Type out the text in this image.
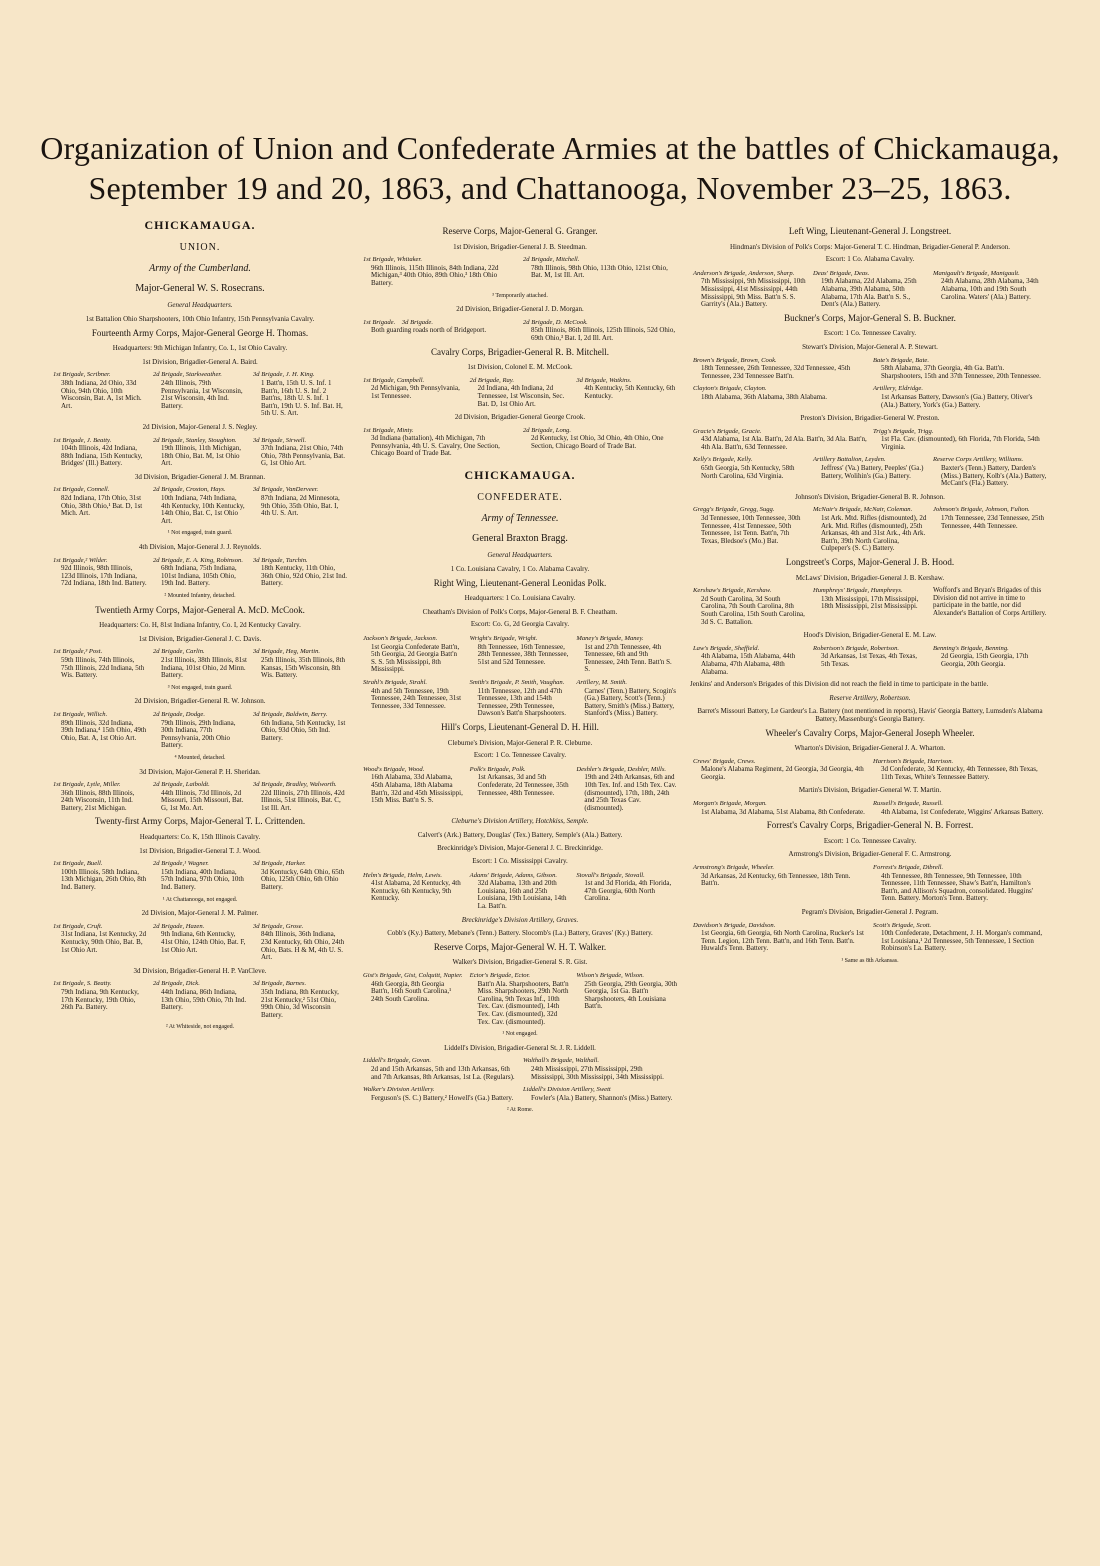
Organization of Union and Confederate Armies at the battles of Chickamauga,
September 19 and 20, 1863, and Chattanooga, November 23–25, 1863.
CHICKAMAUGA.
UNION.
Army of the Cumberland.
Major-General W. S. Rosecrans.
General Headquarters.
1st Battalion Ohio Sharpshooters, 10th Ohio Infantry, 15th Pennsylvania Cavalry.
Fourteenth Army Corps, Major-General George H. Thomas.
Headquarters: 9th Michigan Infantry, Co. L, 1st Ohio Cavalry.
1st Division, Brigadier-General A. Baird.
1st Brigade, Scribner.
38th Indiana, 2d Ohio, 33d Ohio, 94th Ohio, 10th Wisconsin, Bat. A, 1st Mich. Art.
2d Brigade, Starkweather.
24th Illinois, 79th Pennsylvania, 1st Wisconsin, 21st Wisconsin, 4th Ind. Battery.
3d Brigade, J. H. King.
1 Batt'n, 15th U. S. Inf. 1 Batt'n, 16th U. S. Inf. 2 Batt'ns, 18th U. S. Inf. 1 Batt'n, 19th U. S. Inf. Bat. H, 5th U. S. Art.
2d Division, Major-General J. S. Negley.
1st Brigade, J. Beatty.
104th Illinois, 42d Indiana, 88th Indiana, 15th Kentucky, Bridges' (Ill.) Battery.
2d Brigade, Stanley, Stoughton.
19th Illinois, 11th Michigan, 18th Ohio, Bat. M, 1st Ohio Art.
3d Brigade, Sirwell.
37th Indiana, 21st Ohio, 74th Ohio, 78th Pennsylvania, Bat. G, 1st Ohio Art.
3d Division, Brigadier-General J. M. Brannan.
1st Brigade, Connell.
82d Indiana, 17th Ohio, 31st Ohio, 38th Ohio,¹ Bat. D, 1st Mich. Art.
2d Brigade, Croxton, Hays.
10th Indiana, 74th Indiana, 4th Kentucky, 10th Kentucky, 14th Ohio, Bat. C, 1st Ohio Art.
3d Brigade, VanDerveer.
87th Indiana, 2d Minnesota, 9th Ohio, 35th Ohio, Bat. I, 4th U. S. Art.
¹ Not engaged, train guard.
4th Division, Major-General J. J. Reynolds.
1st Brigade,² Wilder.
92d Illinois, 98th Illinois, 123d Illinois, 17th Indiana, 72d Indiana, 18th Ind. Battery.
2d Brigade, E. A. King, Robinson.
68th Indiana, 75th Indiana, 101st Indiana, 105th Ohio, 19th Ind. Battery.
3d Brigade, Turchin.
18th Kentucky, 11th Ohio, 36th Ohio, 92d Ohio, 21st Ind. Battery.
² Mounted Infantry, detached.
Twentieth Army Corps, Major-General A. McD. McCook.
Headquarters: Co. H, 81st Indiana Infantry, Co. I, 2d Kentucky Cavalry.
1st Division, Brigadier-General J. C. Davis.
1st Brigade,³ Post.
59th Illinois, 74th Illinois, 75th Illinois, 22d Indiana, 5th Wis. Battery.
2d Brigade, Carlin.
21st Illinois, 38th Illinois, 81st Indiana, 101st Ohio, 2d Minn. Battery.
3d Brigade, Heg, Martin.
25th Illinois, 35th Illinois, 8th Kansas, 15th Wisconsin, 8th Wis. Battery.
³ Not engaged, train guard.
2d Division, Brigadier-General R. W. Johnson.
1st Brigade, Willich.
89th Illinois, 32d Indiana, 39th Indiana,⁴ 15th Ohio, 49th Ohio, Bat. A, 1st Ohio Art.
2d Brigade, Dodge.
79th Illinois, 29th Indiana, 30th Indiana, 77th Pennsylvania, 20th Ohio Battery.
3d Brigade, Baldwin, Berry.
6th Indiana, 5th Kentucky, 1st Ohio, 93d Ohio, 5th Ind. Battery.
⁴ Mounted, detached.
3d Division, Major-General P. H. Sheridan.
1st Brigade, Lytle, Miller.
36th Illinois, 88th Illinois, 24th Wisconsin, 11th Ind. Battery, 21st Michigan.
2d Brigade, Laiboldt.
44th Illinois, 73d Illinois, 2d Missouri, 15th Missouri, Bat. G, 1st Mo. Art.
3d Brigade, Bradley, Walworth.
22d Illinois, 27th Illinois, 42d Illinois, 51st Illinois, Bat. C, 1st Ill. Art.
Twenty-first Army Corps, Major-General T. L. Crittenden.
Headquarters: Co. K, 15th Illinois Cavalry.
1st Division, Brigadier-General T. J. Wood.
1st Brigade, Buell.
100th Illinois, 58th Indiana, 13th Michigan, 26th Ohio, 8th Ind. Battery.
2d Brigade,¹ Wagner.
15th Indiana, 40th Indiana, 57th Indiana, 97th Ohio, 10th Ind. Battery.
3d Brigade, Harker.
3d Kentucky, 64th Ohio, 65th Ohio, 125th Ohio, 6th Ohio Battery.
¹ At Chattanooga, not engaged.
2d Division, Major-General J. M. Palmer.
1st Brigade, Cruft.
31st Indiana, 1st Kentucky, 2d Kentucky, 90th Ohio, Bat. B, 1st Ohio Art.
2d Brigade, Hazen.
9th Indiana, 6th Kentucky, 41st Ohio, 124th Ohio, Bat. F, 1st Ohio Art.
3d Brigade, Grose.
84th Illinois, 36th Indiana, 23d Kentucky, 6th Ohio, 24th Ohio, Bats. H & M, 4th U. S. Art.
3d Division, Brigadier-General H. P. VanCleve.
1st Brigade, S. Beatty.
79th Indiana, 9th Kentucky, 17th Kentucky, 19th Ohio, 26th Pa. Battery.
2d Brigade, Dick.
44th Indiana, 86th Indiana, 13th Ohio, 59th Ohio, 7th Ind. Battery.
3d Brigade, Barnes.
35th Indiana, 8th Kentucky, 21st Kentucky,² 51st Ohio, 99th Ohio, 3d Wisconsin Battery.
² At Whiteside, not engaged.
Reserve Corps, Major-General G. Granger.
1st Division, Brigadier-General J. B. Steedman.
1st Brigade, Whitaker.
96th Illinois, 115th Illinois, 84th Indiana, 22d Michigan,³ 40th Ohio, 89th Ohio,³ 18th Ohio Battery.
2d Brigade, Mitchell.
78th Illinois, 98th Ohio, 113th Ohio, 121st Ohio, Bat. M, 1st Ill. Art.
³ Temporarily attached.
2d Division, Brigadier-General J. D. Morgan.
1st Brigade. 3d Brigade.
Both guarding roads north of Bridgeport.
2d Brigade, D. McCook.
85th Illinois, 86th Illinois, 125th Illinois, 52d Ohio, 69th Ohio,³ Bat. I, 2d Ill. Art.
Cavalry Corps, Brigadier-General R. B. Mitchell.
1st Division, Colonel E. M. McCook.
1st Brigade, Campbell.
2d Michigan, 9th Pennsylvania, 1st Tennessee.
2d Brigade, Ray.
2d Indiana, 4th Indiana, 2d Tennessee, 1st Wisconsin, Sec. Bat. D, 1st Ohio Art.
3d Brigade, Watkins.
4th Kentucky, 5th Kentucky, 6th Kentucky.
2d Division, Brigadier-General George Crook.
1st Brigade, Minty.
3d Indiana (battalion), 4th Michigan, 7th Pennsylvania, 4th U. S. Cavalry, One Section, Chicago Board of Trade Bat.
2d Brigade, Long.
2d Kentucky, 1st Ohio, 3d Ohio, 4th Ohio, One Section, Chicago Board of Trade Bat.
CHICKAMAUGA.
CONFEDERATE.
Army of Tennessee.
General Braxton Bragg.
General Headquarters.
1 Co. Louisiana Cavalry, 1 Co. Alabama Cavalry.
Right Wing, Lieutenant-General Leonidas Polk.
Headquarters: 1 Co. Louisiana Cavalry.
Cheatham's Division of Polk's Corps, Major-General B. F. Cheatham.
Escort: Co. G, 2d Georgia Cavalry.
Jackson's Brigade, Jackson.
1st Georgia Confederate Batt'n, 5th Georgia, 2d Georgia Batt'n S. S. 5th Mississippi, 8th Mississippi.
Wright's Brigade, Wright.
8th Tennessee, 16th Tennessee, 28th Tennessee, 38th Tennessee, 51st and 52d Tennessee.
Maney's Brigade, Maney.
1st and 27th Tennessee, 4th Tennessee, 6th and 9th Tennessee, 24th Tenn. Batt'n S. S.
Strahl's Brigade, Strahl.
4th and 5th Tennessee, 19th Tennessee, 24th Tennessee, 31st Tennessee, 33d Tennessee.
Smith's Brigade, P. Smith, Vaughan.
11th Tennessee, 12th and 47th Tennessee, 13th and 154th Tennessee, 29th Tennessee, Dawson's Batt'n Sharpshooters.
Artillery, M. Smith.
Carnes' (Tenn.) Battery, Scogin's (Ga.) Battery, Scott's (Tenn.) Battery, Smith's (Miss.) Battery, Stanford's (Miss.) Battery.
Hill's Corps, Lieutenant-General D. H. Hill.
Cleburne's Division, Major-General P. R. Cleburne.
Escort: 1 Co. Tennessee Cavalry.
Wood's Brigade, Wood.
16th Alabama, 33d Alabama, 45th Alabama, 18th Alabama Batt'n, 32d and 45th Mississippi, 15th Miss. Batt'n S. S.
Polk's Brigade, Polk.
1st Arkansas, 3d and 5th Confederate, 2d Tennessee, 35th Tennessee, 48th Tennessee.
Deshler's Brigade, Deshler, Mills.
19th and 24th Arkansas, 6th and 10th Tex. Inf. and 15th Tex. Cav. (dismounted), 17th, 18th, 24th and 25th Texas Cav. (dismounted).
Cleburne's Division Artillery, Hotchkiss, Semple.
Calvert's (Ark.) Battery, Douglas' (Tex.) Battery, Semple's (Ala.) Battery.
Breckinridge's Division, Major-General J. C. Breckinridge.
Escort: 1 Co. Mississippi Cavalry.
Helm's Brigade, Helm, Lewis.
41st Alabama, 2d Kentucky, 4th Kentucky, 6th Kentucky, 9th Kentucky.
Adams' Brigade, Adams, Gibson.
32d Alabama, 13th and 20th Louisiana, 16th and 25th Louisiana, 19th Louisiana, 14th La. Batt'n.
Stovall's Brigade, Stovall.
1st and 3d Florida, 4th Florida, 47th Georgia, 60th North Carolina.
Breckinridge's Division Artillery, Graves.
Cobb's (Ky.) Battery, Mebane's (Tenn.) Battery. Slocomb's (La.) Battery, Graves' (Ky.) Battery.
Reserve Corps, Major-General W. H. T. Walker.
Walker's Division, Brigadier-General S. R. Gist.
Gist's Brigade, Gist, Colquitt, Napier.
46th Georgia, 8th Georgia Batt'n, 16th South Carolina,¹ 24th South Carolina.
Ector's Brigade, Ector.
Batt'n Ala. Sharpshooters, Batt'n Miss. Sharpshooters, 29th North Carolina, 9th Texas Inf., 10th Tex. Cav. (dismounted), 14th Tex. Cav. (dismounted), 32d Tex. Cav. (dismounted).
Wilson's Brigade, Wilson.
25th Georgia, 29th Georgia, 30th Georgia, 1st Ga. Batt'n Sharpshooters, 4th Louisiana Batt'n.
¹ Not engaged.
Liddell's Division, Brigadier-General St. J. R. Liddell.
Liddell's Brigade, Govan.
2d and 15th Arkansas, 5th and 13th Arkansas, 6th and 7th Arkansas, 8th Arkansas, 1st La. (Regulars).
Walthall's Brigade, Walthall.
24th Mississippi, 27th Mississippi, 29th Mississippi, 30th Mississippi, 34th Mississippi.
Walker's Division Artillery.
Ferguson's (S. C.) Battery,² Howell's (Ga.) Battery.
Liddell's Division Artillery, Swett
Fowler's (Ala.) Battery, Shannon's (Miss.) Battery.
² At Rome.
Left Wing, Lieutenant-General J. Longstreet.
Hindman's Division of Polk's Corps: Major-General T. C. Hindman, Brigadier-General P. Anderson.
Escort: 1 Co. Alabama Cavalry.
Anderson's Brigade, Anderson, Sharp.
7th Mississippi, 9th Mississippi, 10th Mississippi, 41st Mississippi, 44th Mississippi, 9th Miss. Batt'n S. S. Garrity's (Ala.) Battery.
Deas' Brigade, Deas.
19th Alabama, 22d Alabama, 25th Alabama, 39th Alabama, 50th Alabama, 17th Ala. Batt'n S. S., Dent's (Ala.) Battery.
Manigault's Brigade, Manigault.
24th Alabama, 28th Alabama, 34th Alabama, 10th and 19th South Carolina. Waters' (Ala.) Battery.
Buckner's Corps, Major-General S. B. Buckner.
Escort: 1 Co. Tennessee Cavalry.
Stewart's Division, Major-General A. P. Stewart.
Brown's Brigade, Brown, Cook.
18th Tennessee, 26th Tennessee, 32d Tennessee, 45th Tennessee, 23d Tennessee Batt'n.
Bate's Brigade, Bate.
58th Alabama, 37th Georgia, 4th Ga. Batt'n. Sharpshooters, 15th and 37th Tennessee, 20th Tennessee.
Clayton's Brigade, Clayton.
18th Alabama, 36th Alabama, 38th Alabama.
Artillery, Eldridge.
1st Arkansas Battery, Dawson's (Ga.) Battery, Oliver's (Ala.) Battery, York's (Ga.) Battery.
Preston's Division, Brigadier-General W. Preston.
Gracie's Brigade, Gracie.
43d Alabama, 1st Ala. Batt'n, 2d Ala. Batt'n, 3d Ala. Batt'n, 4th Ala. Batt'n, 63d Tennessee.
Trigg's Brigade, Trigg.
1st Fla. Cav. (dismounted), 6th Florida, 7th Florida, 54th Virginia.
Kelly's Brigade, Kelly.
65th Georgia, 5th Kentucky, 58th North Carolina, 63d Virginia.
Artillery Battalion, Leyden.
Jeffress' (Va.) Battery, Peeples' (Ga.) Battery, Wolihin's (Ga.) Battery.
Reserve Corps Artillery, Williams.
Baxter's (Tenn.) Battery, Darden's (Miss.) Battery, Kolb's (Ala.) Battery, McCant's (Fla.) Battery.
Johnson's Division, Brigadier-General B. R. Johnson.
Gregg's Brigade, Gregg, Sugg.
3d Tennessee, 10th Tennessee, 30th Tennessee, 41st Tennessee, 50th Tennessee, 1st Tenn. Batt'n, 7th Texas, Bledsoe's (Mo.) Bat.
McNair's Brigade, McNair, Coleman.
1st Ark. Mtd. Rifles (dismounted), 2d Ark. Mtd. Rifles (dismounted), 25th Arkansas, 4th and 31st Ark., 4th Ark. Batt'n, 39th North Carolina, Culpeper's (S. C.) Battery.
Johnson's Brigade, Johnson, Fulton.
17th Tennessee, 23d Tennessee, 25th Tennessee, 44th Tennessee.
Longstreet's Corps, Major-General J. B. Hood.
McLaws' Division, Brigadier-General J. B. Kershaw.
Kershaw's Brigade, Kershaw.
2d South Carolina, 3d South Carolina, 7th South Carolina, 8th South Carolina, 15th South Carolina, 3d S. C. Battalion.
Humphreys' Brigade, Humphreys.
13th Mississippi, 17th Mississippi, 18th Mississippi, 21st Mississippi.
Wofford's and Bryan's Brigades of this Division did not arrive in time to participate in the battle, nor did Alexander's Battalion of Corps Artillery.
Hood's Division, Brigadier-General E. M. Law.
Law's Brigade, Sheffield.
4th Alabama, 15th Alabama, 44th Alabama, 47th Alabama, 48th Alabama.
Robertson's Brigade, Robertson.
3d Arkansas, 1st Texas, 4th Texas, 5th Texas.
Benning's Brigade, Benning.
2d Georgia, 15th Georgia, 17th Georgia, 20th Georgia.
Jenkins' and Anderson's Brigades of this Division did not reach the field in time to participate in the battle.
Reserve Artillery, Robertson.
Barret's Missouri Battery, Le Gardeur's La. Battery (not mentioned in reports), Havis' Georgia Battery, Lumsden's Alabama Battery, Massenburg's Georgia Battery.
Wheeler's Cavalry Corps, Major-General Joseph Wheeler.
Wharton's Division, Brigadier-General J. A. Wharton.
Crews' Brigade, Crews.
Malone's Alabama Regiment, 2d Georgia, 3d Georgia, 4th Georgia.
Harrison's Brigade, Harrison.
3d Confederate, 3d Kentucky, 4th Tennessee, 8th Texas, 11th Texas, White's Tennessee Battery.
Martin's Division, Brigadier-General W. T. Martin.
Morgan's Brigade, Morgan.
1st Alabama, 3d Alabama, 51st Alabama, 8th Confederate.
Russell's Brigade, Russell.
4th Alabama, 1st Confederate, Wiggins' Arkansas Battery.
Forrest's Cavalry Corps, Brigadier-General N. B. Forrest.
Escort: 1 Co. Tennessee Cavalry.
Armstrong's Division, Brigadier-General F. C. Armstrong.
Armstrong's Brigade, Wheeler.
3d Arkansas, 2d Kentucky, 6th Tennessee, 18th Tenn. Batt'n.
Forrest's Brigade, Dibrell.
4th Tennessee, 8th Tennessee, 9th Tennessee, 10th Tennessee, 11th Tennessee, Shaw's Batt'n, Hamilton's Batt'n, and Allison's Squadron, consolidated. Huggins' Tenn. Battery. Morton's Tenn. Battery.
Pegram's Division, Brigadier-General J. Pegram.
Davidson's Brigade, Davidson.
1st Georgia, 6th Georgia, 6th North Carolina, Rucker's 1st Tenn. Legion, 12th Tenn. Batt'n, and 16th Tenn. Batt'n. Huwald's Tenn. Battery.
Scott's Brigade, Scott.
10th Confederate, Detachment, J. H. Morgan's command, 1st Louisiana,¹ 2d Tennessee, 5th Tennessee, 1 Section Robinson's La. Battery.
¹ Same as 8th Arkansas.
